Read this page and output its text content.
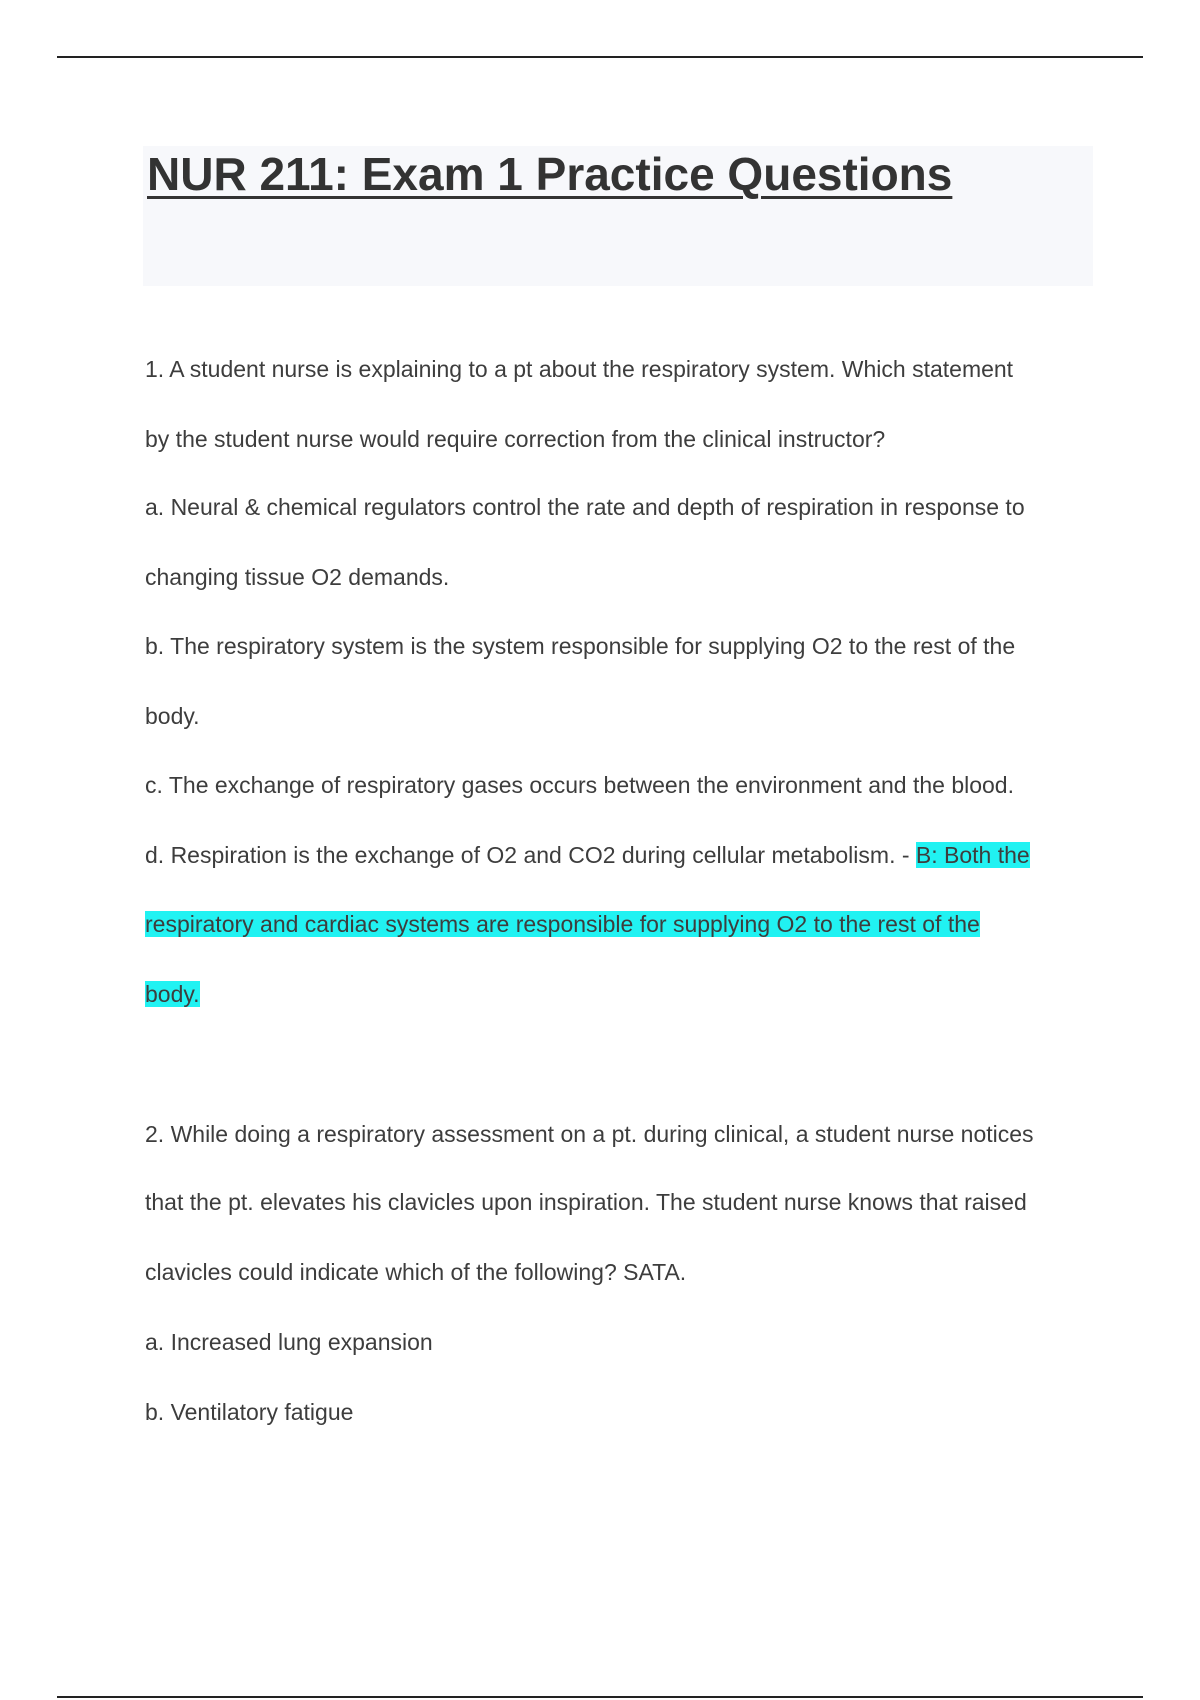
NUR 211: Exam 1 Practice Questions

1. A student nurse is explaining to a pt about the respiratory system. Which statement

by the student nurse would require correction from the clinical instructor?

a. Neural & chemical regulators control the rate and depth of respiration in response to

changing tissue O2 demands.

b. The respiratory system is the system responsible for supplying O2 to the rest of the

body.

c. The exchange of respiratory gases occurs between the environment and the blood.

d. Respiration is the exchange of O2 and CO2 during cellular metabolism. - B: Both the

respiratory and cardiac systems are responsible for supplying O2 to the rest of the

body.

2. While doing a respiratory assessment on a pt. during clinical, a student nurse notices

that the pt. elevates his clavicles upon inspiration. The student nurse knows that raised

clavicles could indicate which of the following? SATA.

a. Increased lung expansion

b. Ventilatory fatigue
